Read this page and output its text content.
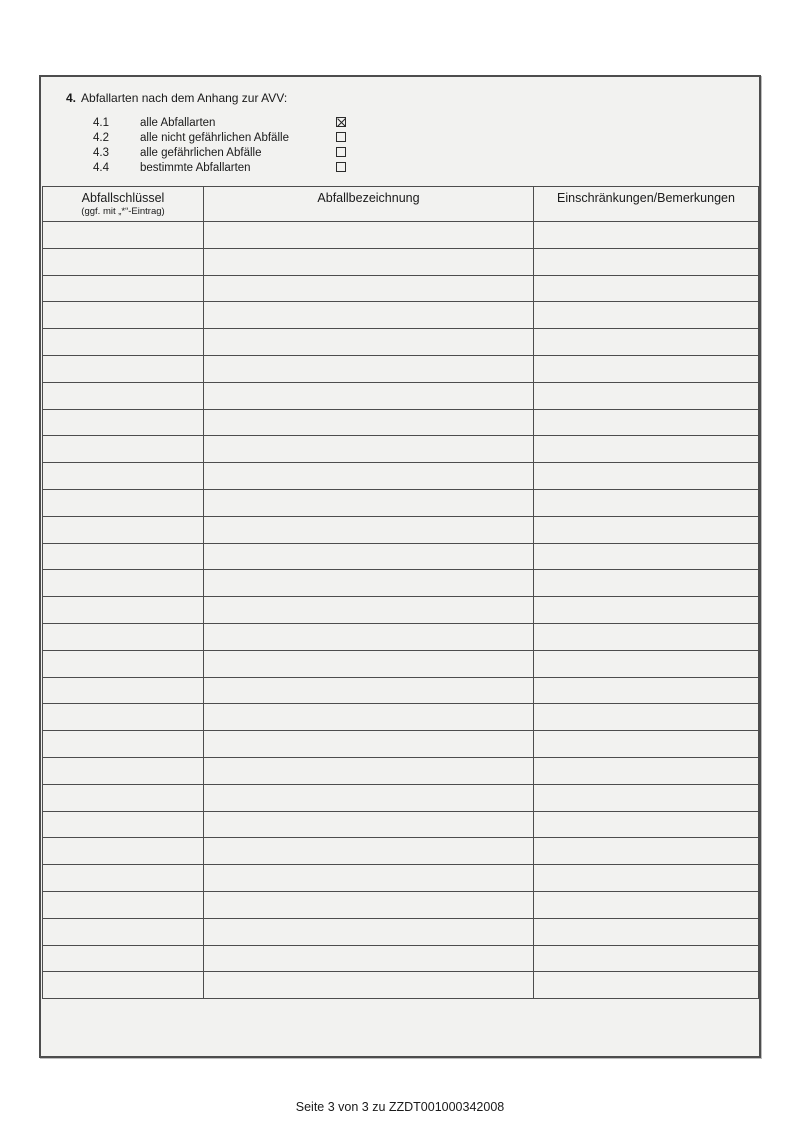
4. Abfallarten nach dem Anhang zur AVV:
4.1	alle Abfallarten
4.2	alle nicht gefährlichen Abfälle
4.3	alle gefährlichen Abfälle
4.4	bestimmte Abfallarten
Abfallschlüssel
(ggf. mit „*“-Eintrag)	Abfallbezeichnung	Einschränkungen/Bemerkungen

Seite 3 von 3 zu ZZDT001000342008
